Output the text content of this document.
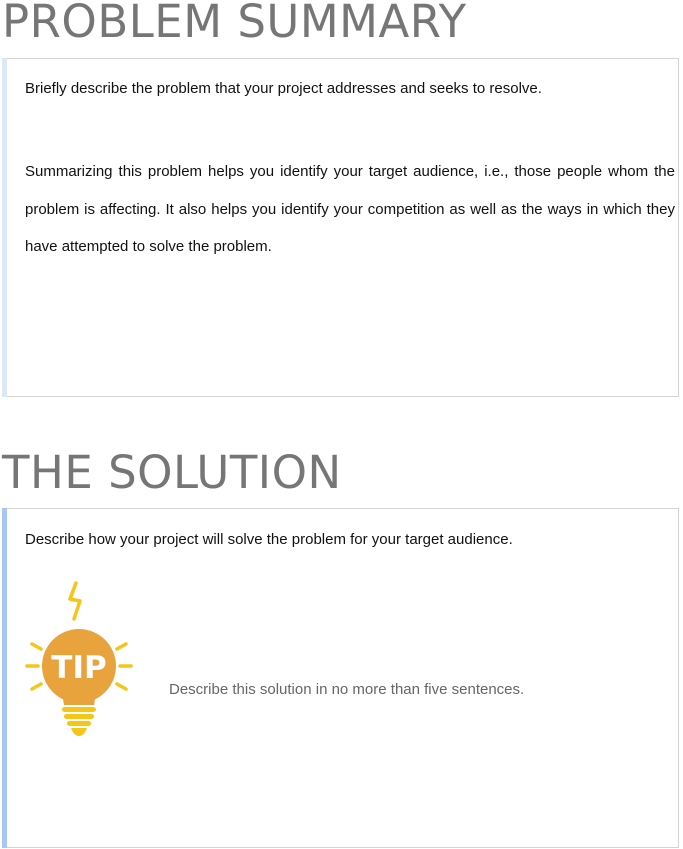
PROBLEM SUMMARY

Briefly describe the problem that your project addresses and seeks to resolve.

Summarizing this problem helps you identify your target audience, i.e., those people whom the problem is affecting. It also helps you identify your competition as well as the ways in which they have attempted to solve the problem.

THE SOLUTION

Describe how your project will solve the problem for your target audience.

TIP

Describe this solution in no more than five sentences.
